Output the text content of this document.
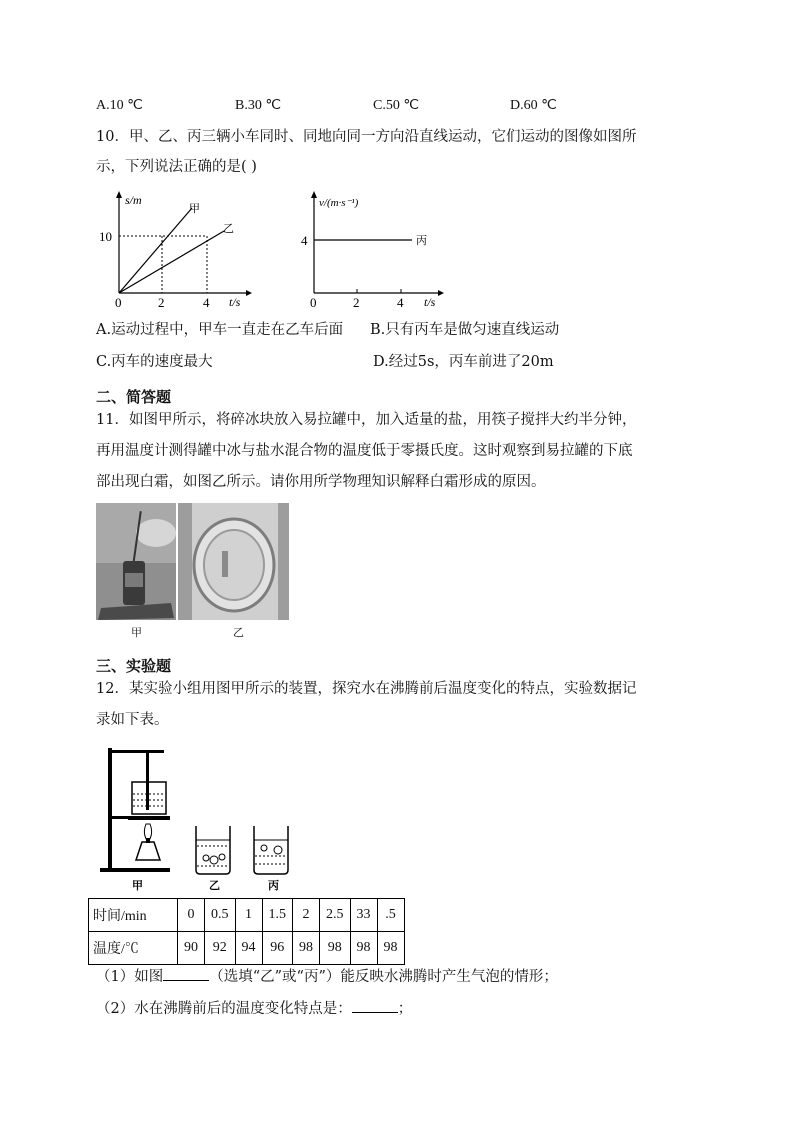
A.10 ℃	B.30 ℃	C.50 ℃	D.60 ℃
10．甲、乙、丙三辆小车同时、同地向同一方向沿直线运动，它们运动的图像如图所
示，下列说法正确的是( )
s/m
t/s
甲
乙
10
0	2	4
v/(m·s⁻¹)
t/s
丙
4
0	2	4
A.运动过程中，甲车一直走在乙车后面 B.只有丙车是做匀速直线运动
C.丙车的速度最大	D.经过5s，丙车前进了20m
二、简答题
11．如图甲所示，将碎冰块放入易拉罐中，加入适量的盐，用筷子搅拌大约半分钟，
再用温度计测得罐中冰与盐水混合物的温度低于零摄氏度。这时观察到易拉罐的下底
部出现白霜，如图乙所示。请你用所学物理知识解释白霜形成的原因。
甲	乙
三、实验题
12．某实验小组用图甲所示的装置，探究水在沸腾前后温度变化的特点，实验数据记
录如下表。
甲	乙	丙
时间/min	0	0.5	1	1.5	2	2.5	33	.5
温度/℃	90	92	94	96	98	98	98	98
（1）如图	（选填“乙”或“丙”）能反映水沸腾时产生气泡的情形；
（2）水在沸腾前后的温度变化特点是：	；
